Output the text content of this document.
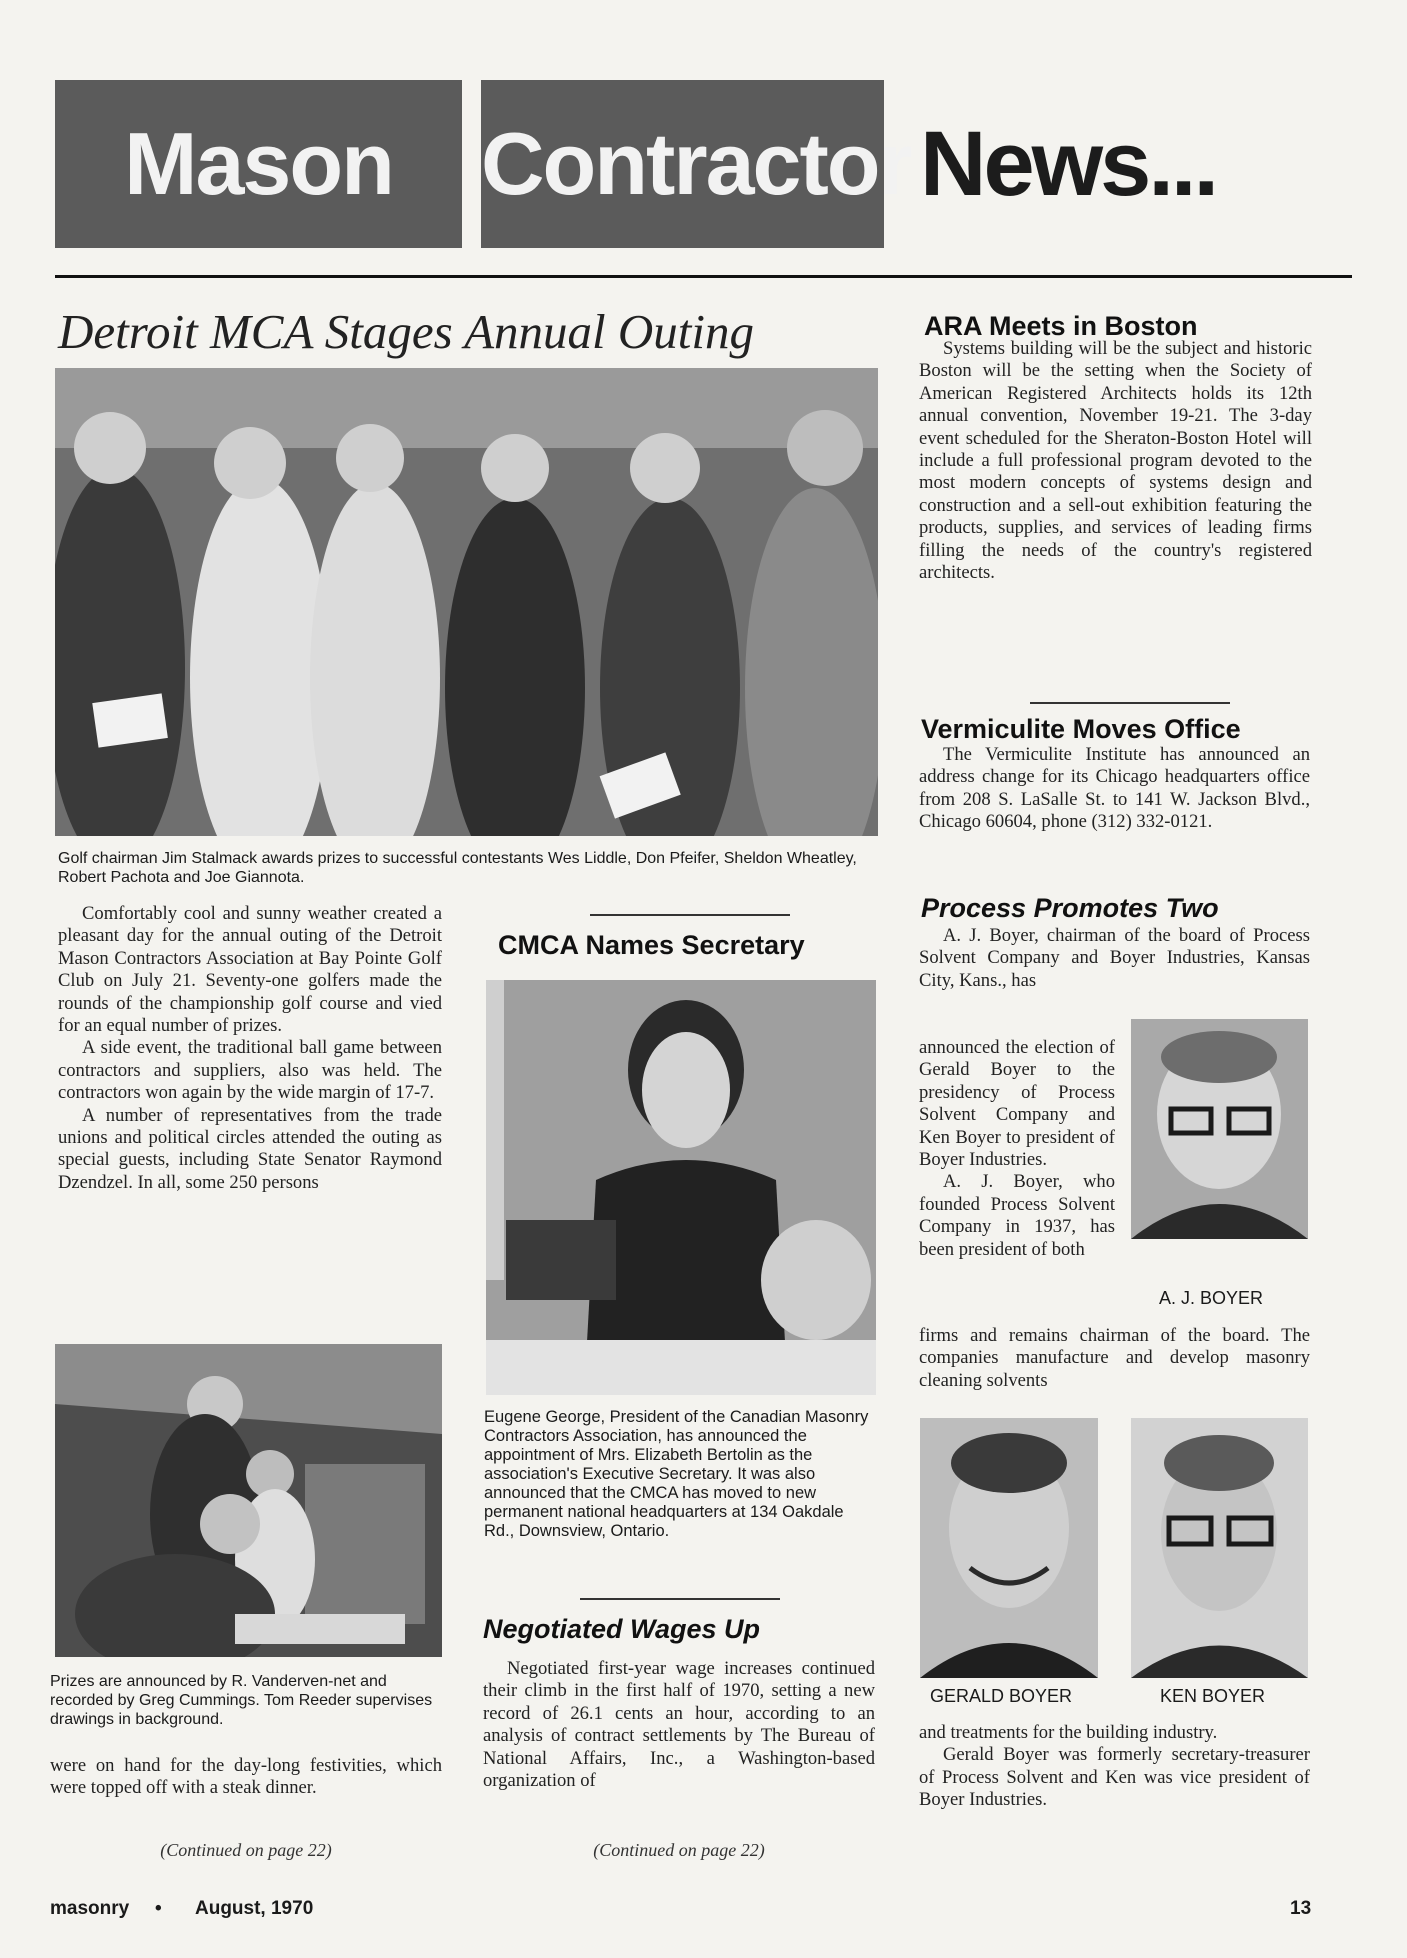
Mason	Contractor News...
Detroit MCA Stages Annual Outing
Golf chairman Jim Stalmack awards prizes to successful contestants Wes Liddle, Don Pfeifer, Sheldon Wheatley, Robert Pachota and Joe Giannota.

Comfortably cool and sunny weather created a pleasant day for the annual outing of the Detroit Mason Contractors Association at Bay Pointe Golf Club on July 21. Seventy-one golfers made the rounds of the championship golf course and vied for an equal number of prizes.

A side event, the traditional ball game between contractors and suppliers, also was held. The contractors won again by the wide margin of 17-7.

A number of representatives from the trade unions and political circles attended the outing as special guests, including State Senator Raymond Dzendzel. In all, some 250 persons

Prizes are announced by R. Vanderven-net and recorded by Greg Cummings. Tom Reeder supervises drawings in background.

were on hand for the day-long festivities, which were topped off with a steak dinner.

(Continued on page 22)
CMCA Names Secretary
Eugene George, President of the Canadian Masonry Contractors Association, has announced the appointment of Mrs. Elizabeth Bertolin as the association's Executive Secretary. It was also announced that the CMCA has moved to new permanent national headquarters at 134 Oakdale Rd., Downsview, Ontario.
Negotiated Wages Up

Negotiated first-year wage increases continued their climb in the first half of 1970, setting a new record of 26.1 cents an hour, according to an analysis of contract settlements by The Bureau of National Affairs, Inc., a Washington-based organization of

(Continued on page 22)
ARA Meets in Boston

Systems building will be the subject and historic Boston will be the setting when the Society of American Registered Architects holds its 12th annual convention, November 19-21. The 3-day event scheduled for the Sheraton-Boston Hotel will include a full professional program devoted to the most modern concepts of systems design and construction and a sell-out exhibition featuring the products, supplies, and services of leading firms filling the needs of the country's registered architects.

Vermiculite Moves Office

The Vermiculite Institute has announced an address change for its Chicago headquarters office from 208 S. LaSalle St. to 141 W. Jackson Blvd., Chicago 60604, phone (312) 332-0121.

Process Promotes Two

A. J. Boyer, chairman of the board of Process Solvent Company and Boyer Industries, Kansas City, Kans., has

announced the election of Gerald Boyer to the presidency of Process Solvent Company and Ken Boyer to president of Boyer Industries.

A. J. Boyer, who founded Process Solvent Company in 1937, has been president of both

A. J. BOYER

firms and remains chairman of the board. The companies manufacture and develop masonry cleaning solvents

GERALD BOYER	KEN BOYER

and treatments for the building industry.

Gerald Boyer was formerly secretary-treasurer of Process Solvent and Ken was vice president of Boyer Industries.

masonry • August, 1970	13
